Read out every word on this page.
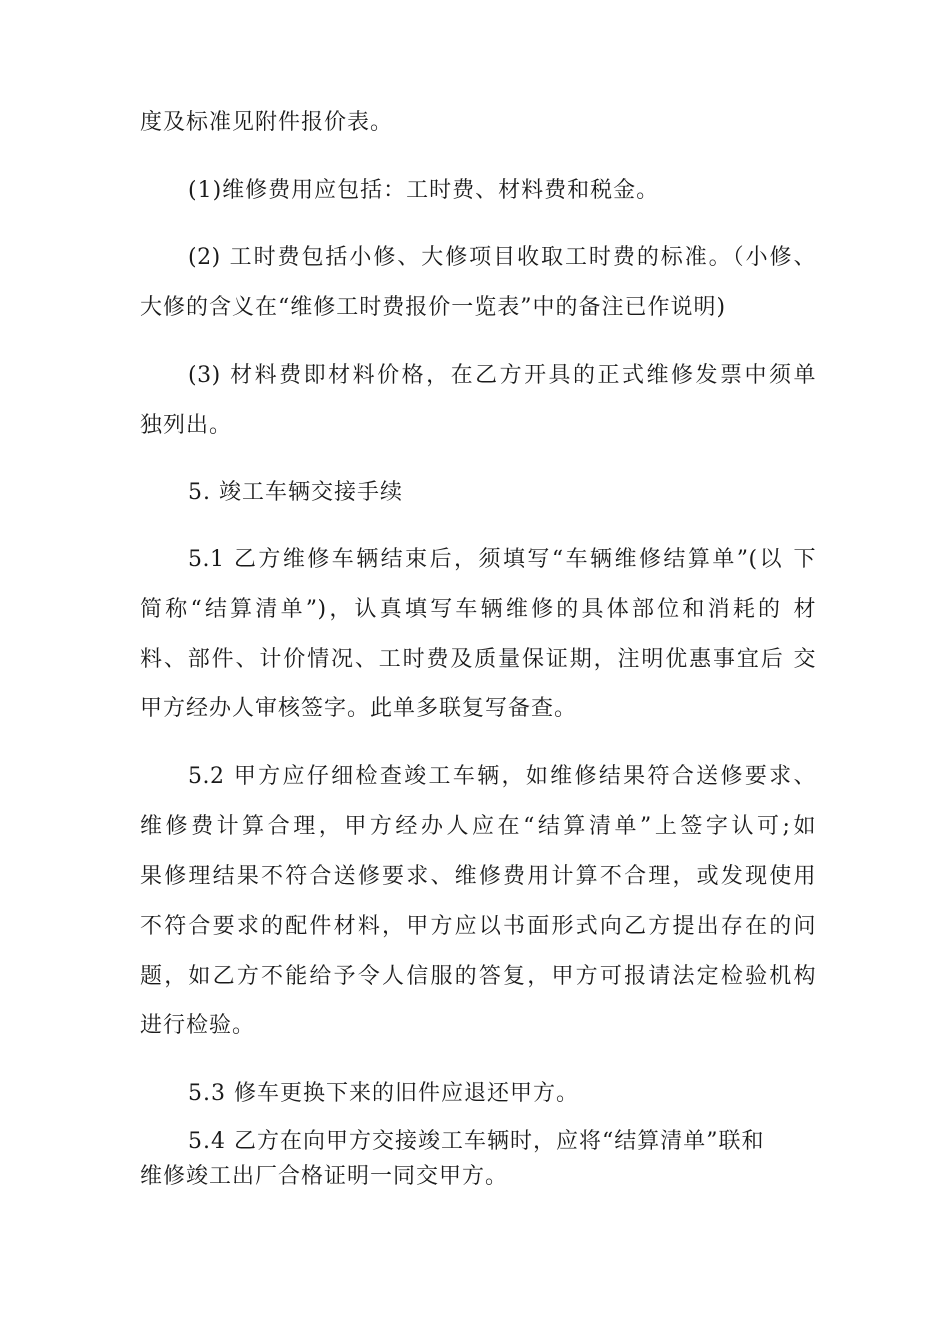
度及标准见附件报价表。
(1)维修费用应包括：工时费、材料费和税金。
(2) 工时费包括小修、大修项目收取工时费的标准。（小修、
大修的含义在“维修工时费报价一览表”中的备注已作说明)
(3) 材料费即材料价格，在乙方开具的正式维修发票中须单
独列出。
5. 竣工车辆交接手续
5.1 乙方维修车辆结束后，须填写“车辆维修结算单”(以 下
简称“结算清单”)，认真填写车辆维修的具体部位和消耗的 材
料、部件、计价情况、工时费及质量保证期，注明优惠事宜后 交
甲方经办人审核签字。此单多联复写备查。
5.2 甲方应仔细检查竣工车辆，如维修结果符合送修要求、
维修费计算合理，甲方经办人应在“结算清单”上签字认可;如
果修理结果不符合送修要求、维修费用计算不合理，或发现使用
不符合要求的配件材料，甲方应以书面形式向乙方提出存在的问
题，如乙方不能给予令人信服的答复，甲方可报请法定检验机构
进行检验。
5.3 修车更换下来的旧件应退还甲方。
5.4 乙方在向甲方交接竣工车辆时，应将“结算清单”联和
维修竣工出厂合格证明一同交甲方。
